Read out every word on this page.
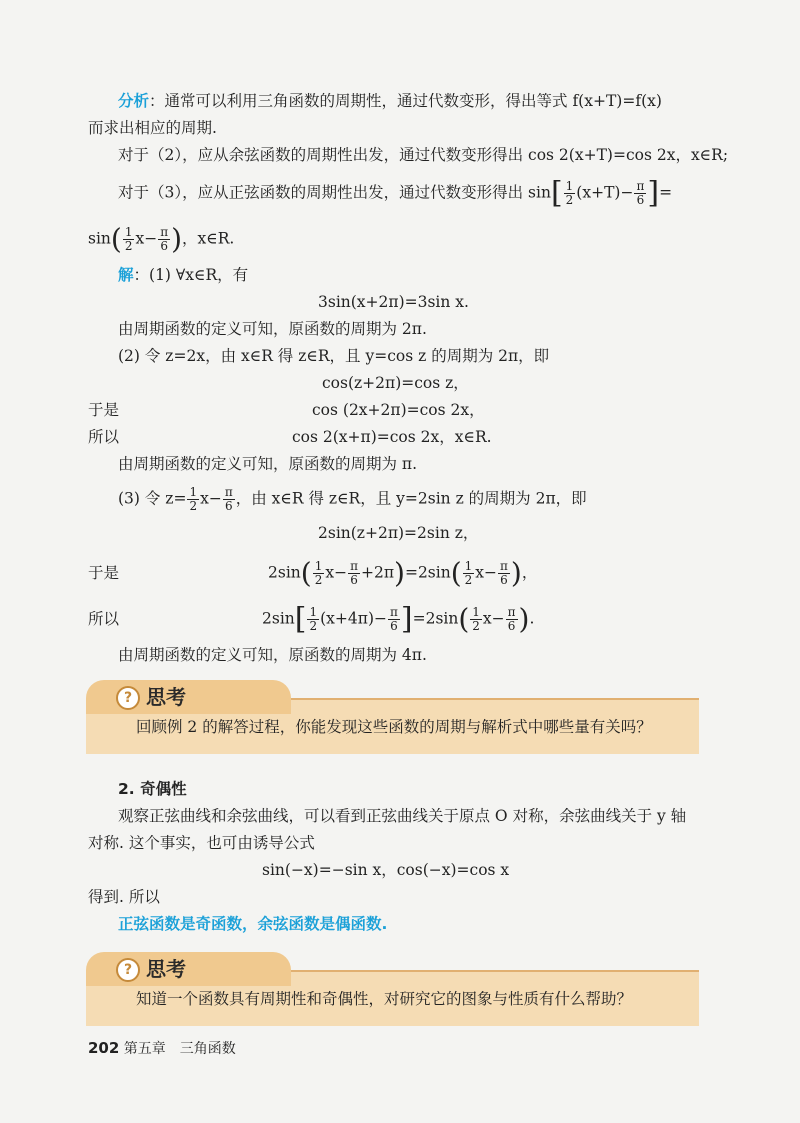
分析：通常可以利用三角函数的周期性，通过代数变形，得出等式 f(x+T)=f(x)
而求出相应的周期.
对于（2），应从余弦函数的周期性出发，通过代数变形得出 cos 2(x+T)=cos 2x，x∈R;
对于（3），应从正弦函数的周期性出发，通过代数变形得出 $\sin[ \frac{1}{2} (x+T)- \frac{\pi}{6}$ ]=
$\sin( \frac{1}{2} x- \frac{\pi}{6}$ )，x∈R.
解：(1) ∀x∈R，有
3sin(x+2π)=3sin x.
由周期函数的定义可知，原函数的周期为 2π.
(2) 令 z=2x，由 x∈R 得 z∈R，且 y=cos z 的周期为 2π，即
cos(z+2π)=cos z，
于是	cos (2x+2π)=cos 2x，
所以	cos 2(x+π)=cos 2x，x∈R.
由周期函数的定义可知，原函数的周期为 π.
(3) 令 $z= \frac{1}{2} x- \frac{\pi}{6}$ ，由 x∈R 得 z∈R，且 y=2sin z 的周期为 2π，即
2sin(z+2π)=2sin z，
于是	$2\sin( \frac{1}{2} x- \frac{\pi}{6} +2\pi)=2\sin( \frac{1}{2} x- \frac{\pi}{6}$ )，
所以	$2\sin[ \frac{1}{2} (x+4\pi)- \frac{\pi}{6} ]=2\sin( \frac{1}{2} x- \frac{\pi}{6}$ ).
由周期函数的定义可知，原函数的周期为 4π.
回顾例 2 的解答过程，你能发现这些函数的周期与解析式中哪些量有关吗？
? 思考
2. 奇偶性
观察正弦曲线和余弦曲线，可以看到正弦曲线关于原点 O 对称，余弦曲线关于 y 轴
对称. 这个事实，也可由诱导公式
sin(−x)=−sin x，cos(−x)=cos x
得到. 所以
正弦函数是奇函数，余弦函数是偶函数.
知道一个函数具有周期性和奇偶性，对研究它的图象与性质有什么帮助？
? 思考
202 第五章　三角函数
